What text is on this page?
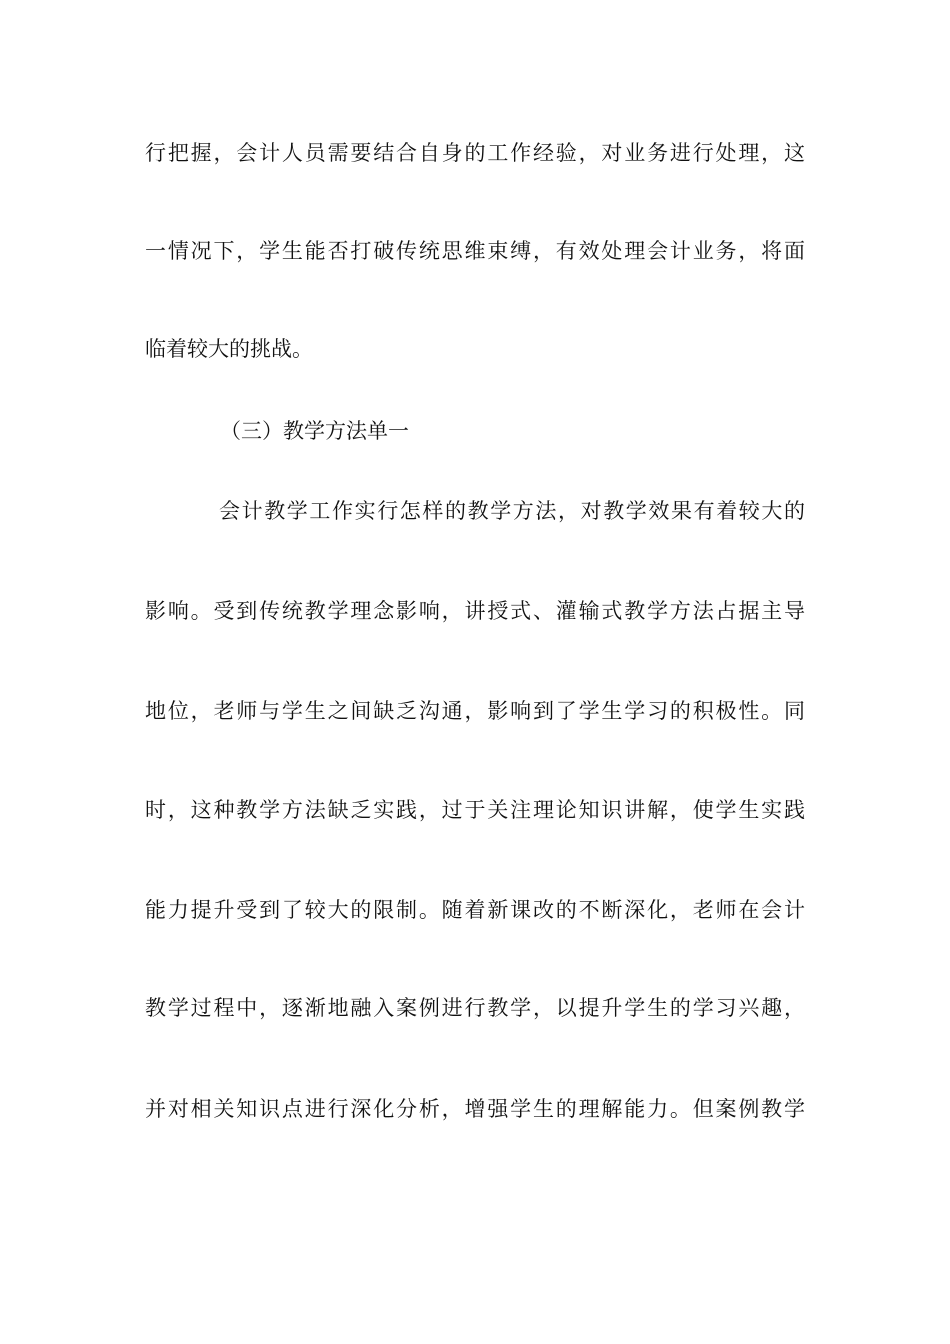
行把握，会计人员需要结合自身的工作经验，对业务进行处理，这
一情况下，学生能否打破传统思维束缚，有效处理会计业务，将面
临着较大的挑战。
（三）教学方法单一
会计教学工作实行怎样的教学方法，对教学效果有着较大的
影响。受到传统教学理念影响，讲授式、灌输式教学方法占据主导
地位，老师与学生之间缺乏沟通，影响到了学生学习的积极性。同
时，这种教学方法缺乏实践，过于关注理论知识讲解，使学生实践
能力提升受到了较大的限制。随着新课改的不断深化，老师在会计
教学过程中，逐渐地融入案例进行教学，以提升学生的学习兴趣，
并对相关知识点进行深化分析，增强学生的理解能力。但案例教学
